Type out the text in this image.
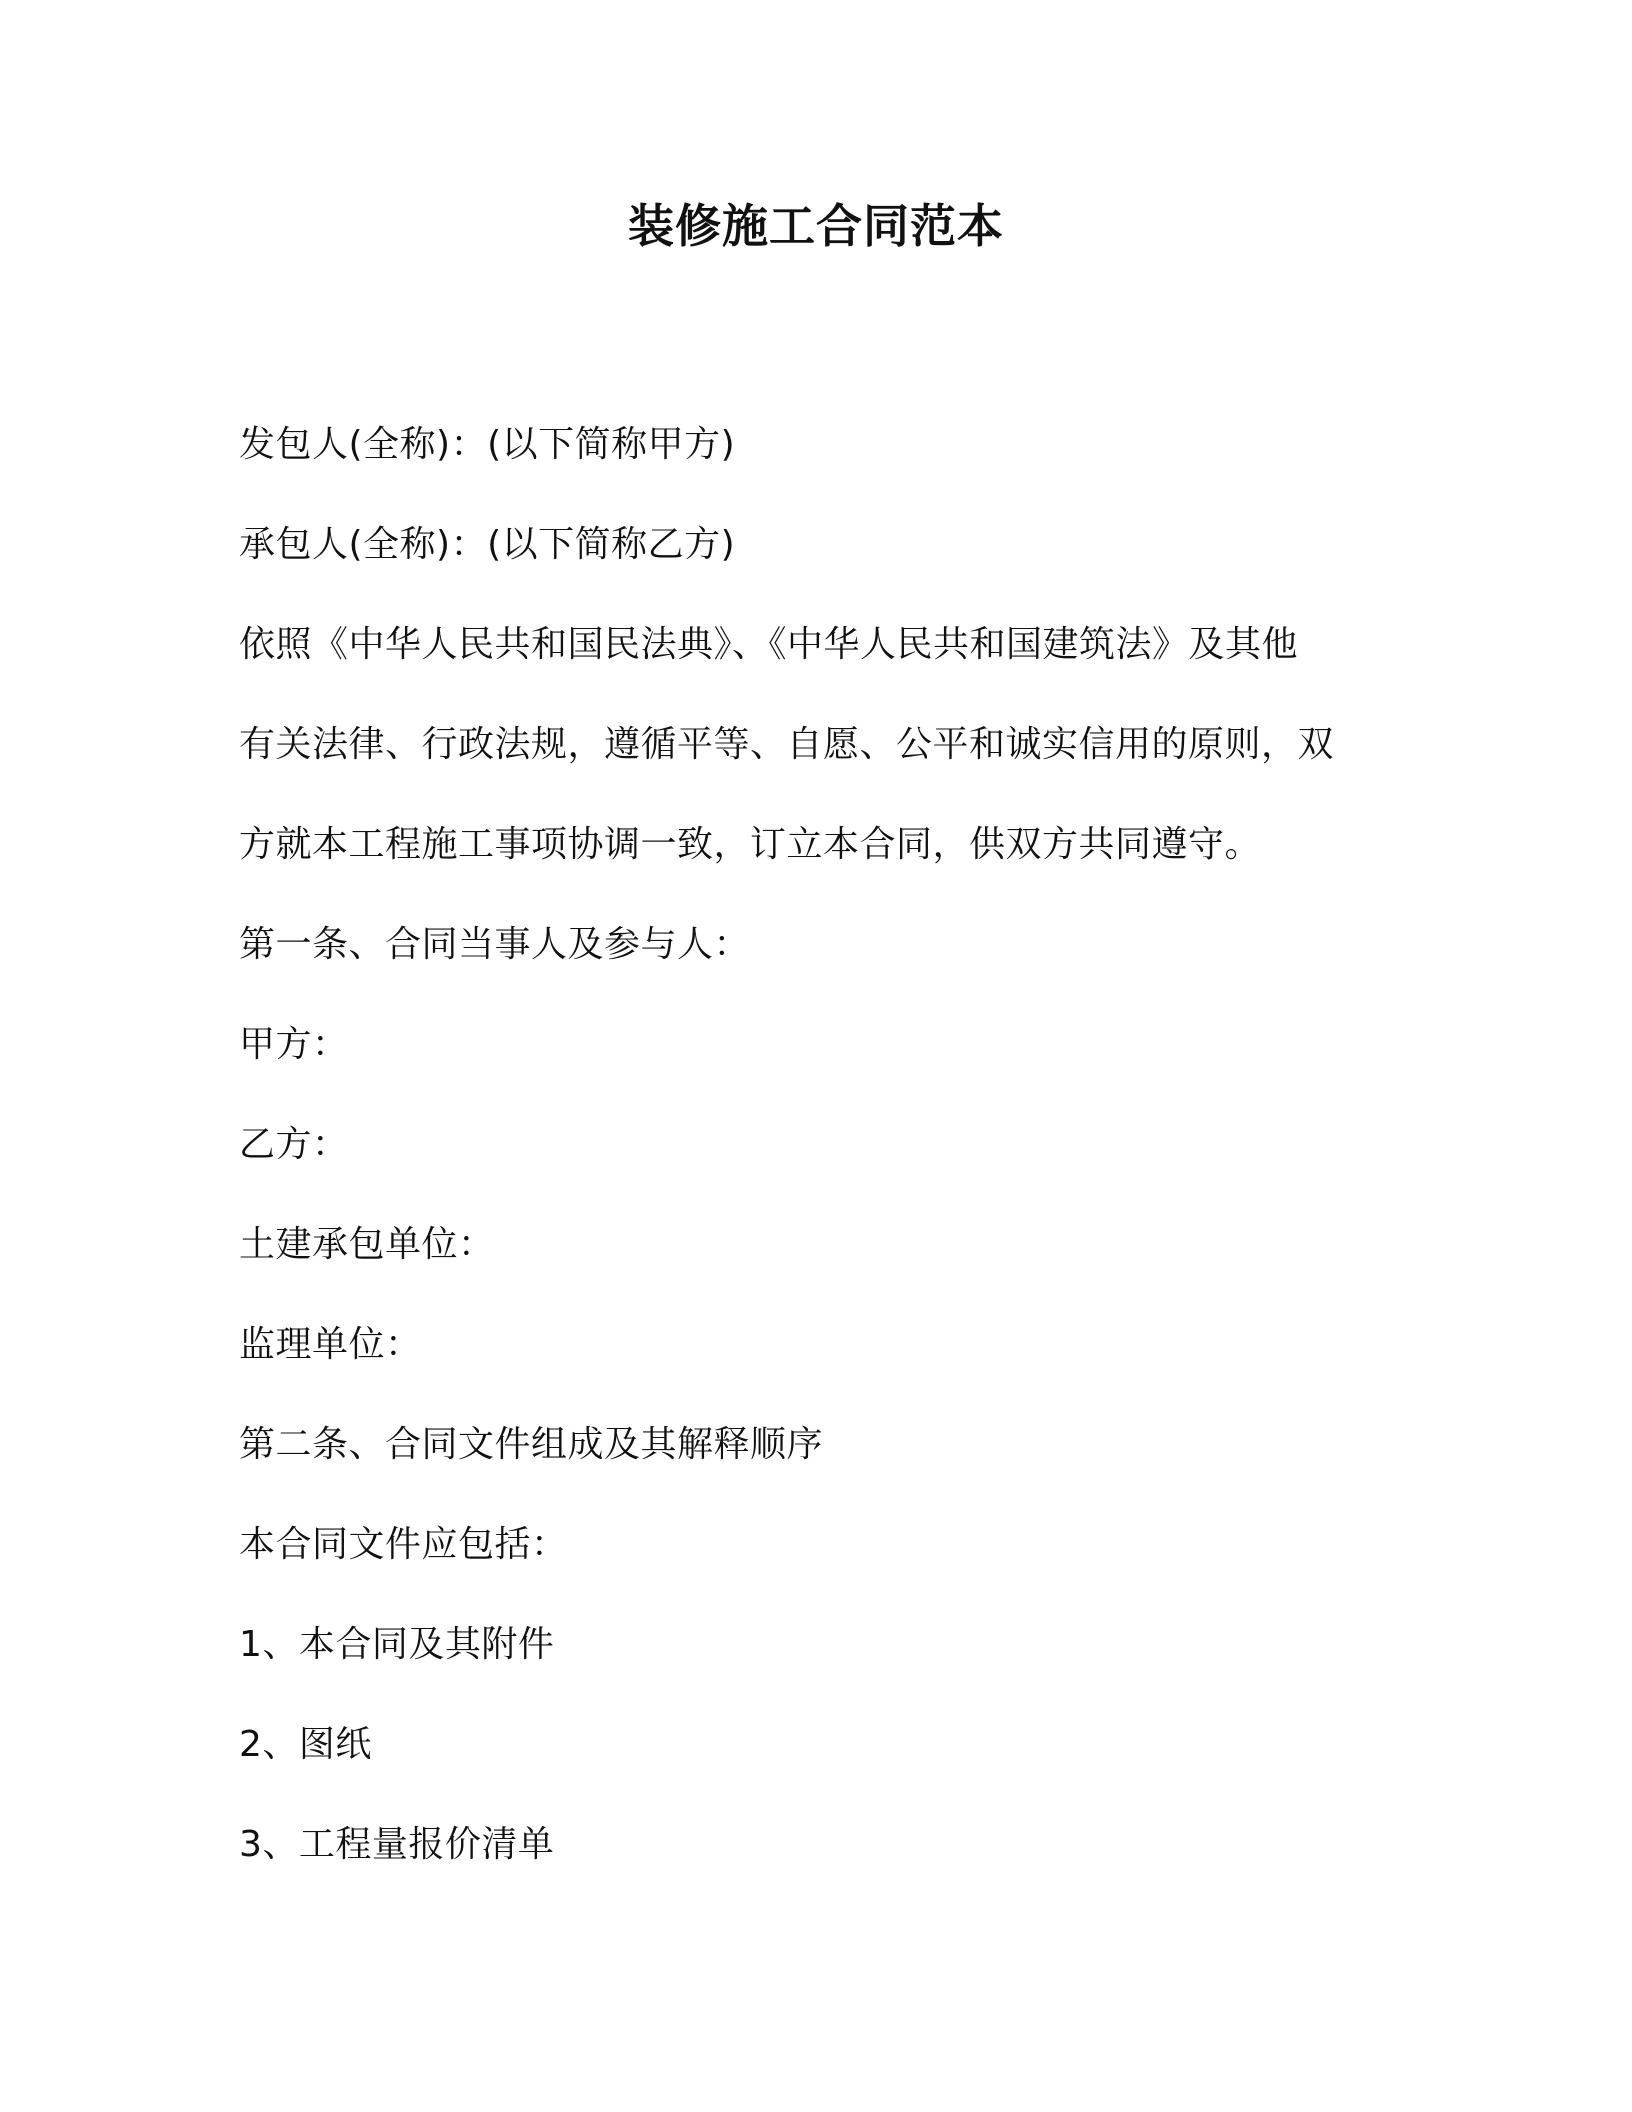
装修施工合同范本
发包人(全称)：(以下简称甲方)
承包人(全称)：(以下简称乙方)
依照《中华人民共和国民法典》、《中华人民共和国建筑法》及其他
有关法律、行政法规，遵循平等、自愿、公平和诚实信用的原则，双
方就本工程施工事项协调一致，订立本合同，供双方共同遵守。
第一条、合同当事人及参与人：
甲方：
乙方：
土建承包单位：
监理单位：
第二条、合同文件组成及其解释顺序
本合同文件应包括：
1、本合同及其附件
2、图纸
3、工程量报价清单
